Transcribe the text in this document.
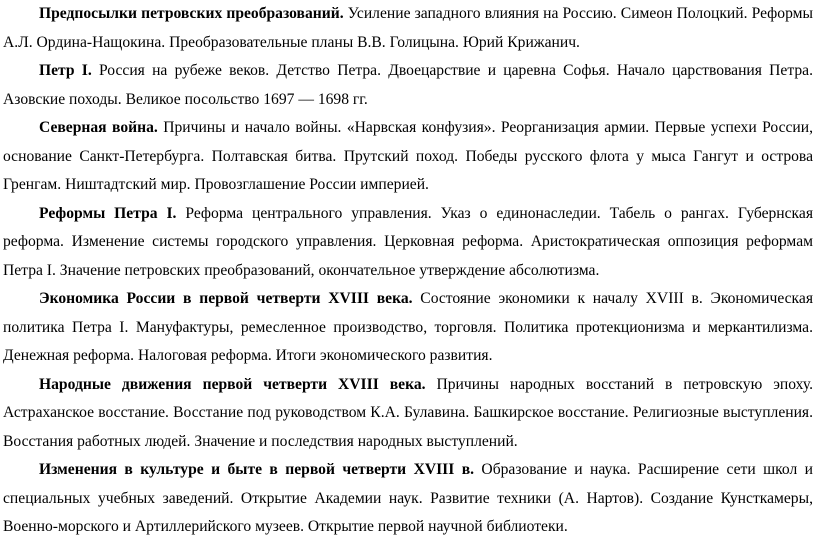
Предпосылки петровских преобразований. Усиление западного влияния на Россию. Симеон Полоцкий. Реформы А.Л. Ордина-Нащокина. Преобразовательные планы В.В. Голицына. Юрий Крижанич.

Петр I. Россия на рубеже веков. Детство Петра. Двоецарствие и царевна Софья. Начало царствования Петра. Азовские походы. Великое посольство 1697 — 1698 гг.

Северная война. Причины и начало войны. «Нарвская конфузия». Реорганизация армии. Первые успехи России, основание Санкт-Петербурга. Полтавская битва. Прутский поход. Победы русского флота у мыса Гангут и острова Гренгам. Ништадтский мир. Провозглашение России империей.

Реформы Петра I. Реформа центрального управления. Указ о единонаследии. Табель о рангах. Губернская реформа. Изменение системы городского управления. Церковная реформа. Аристократическая оппозиция реформам Петра I. Значение петровских преобразований, окончательное утверждение абсолютизма.

Экономика России в первой четверти XVIII века. Состояние экономики к началу XVIII в. Экономическая политика Петра I. Мануфактуры, ремесленное производство, торговля. Политика протекционизма и меркантилизма. Денежная реформа. Налоговая реформа. Итоги экономического развития.

Народные движения первой четверти XVIII века. Причины народных восстаний в петровскую эпоху. Астраханское восстание. Восстание под руководством К.А. Булавина. Башкирское восстание. Религиозные выступления. Восстания работных людей. Значение и последствия народных выступлений.

Изменения в культуре и быте в первой четверти XVIII в. Образование и наука. Расширение сети школ и специальных учебных заведений. Открытие Академии наук. Развитие техники (А. Нартов). Создание Кунсткамеры, Военно-морского и Артиллерийского музеев. Открытие первой научной библиотеки.
